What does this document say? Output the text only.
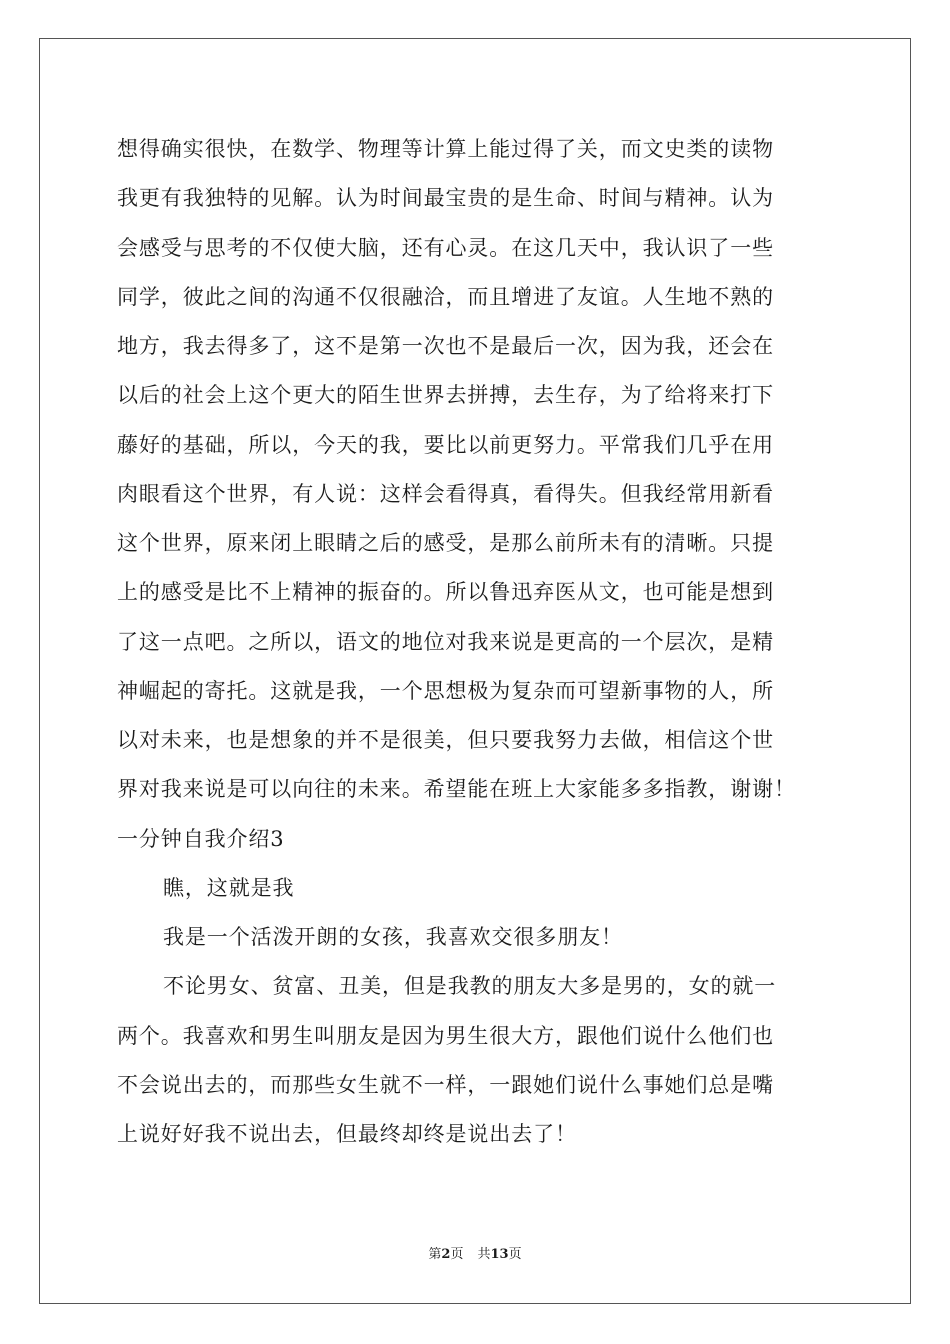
想得确实很快，在数学、物理等计算上能过得了关，而文史类的读物
我更有我独特的见解。认为时间最宝贵的是生命、时间与精神。认为
会感受与思考的不仅使大脑，还有心灵。在这几天中，我认识了一些
同学，彼此之间的沟通不仅很融洽，而且增进了友谊。人生地不熟的
地方，我去得多了，这不是第一次也不是最后一次，因为我，还会在
以后的社会上这个更大的陌生世界去拼搏，去生存，为了给将来打下
藤好的基础，所以，今天的我，要比以前更努力。平常我们几乎在用
肉眼看这个世界，有人说：这样会看得真，看得失。但我经常用新看
这个世界，原来闭上眼睛之后的感受，是那么前所未有的清晰。只提
上的感受是比不上精神的振奋的。所以鲁迅弃医从文，也可能是想到
了这一点吧。之所以，语文的地位对我来说是更高的一个层次，是精
神崛起的寄托。这就是我，一个思想极为复杂而可望新事物的人，所
以对未来，也是想象的并不是很美，但只要我努力去做，相信这个世
界对我来说是可以向往的未来。希望能在班上大家能多多指教，谢谢！
一分钟自我介绍3
瞧，这就是我
我是一个活泼开朗的女孩，我喜欢交很多朋友！
不论男女、贫富、丑美，但是我教的朋友大多是男的，女的就一
两个。我喜欢和男生叫朋友是因为男生很大方，跟他们说什么他们也
不会说出去的，而那些女生就不一样，一跟她们说什么事她们总是嘴
上说好好我不说出去，但最终却终是说出去了！
第2页 共13页
